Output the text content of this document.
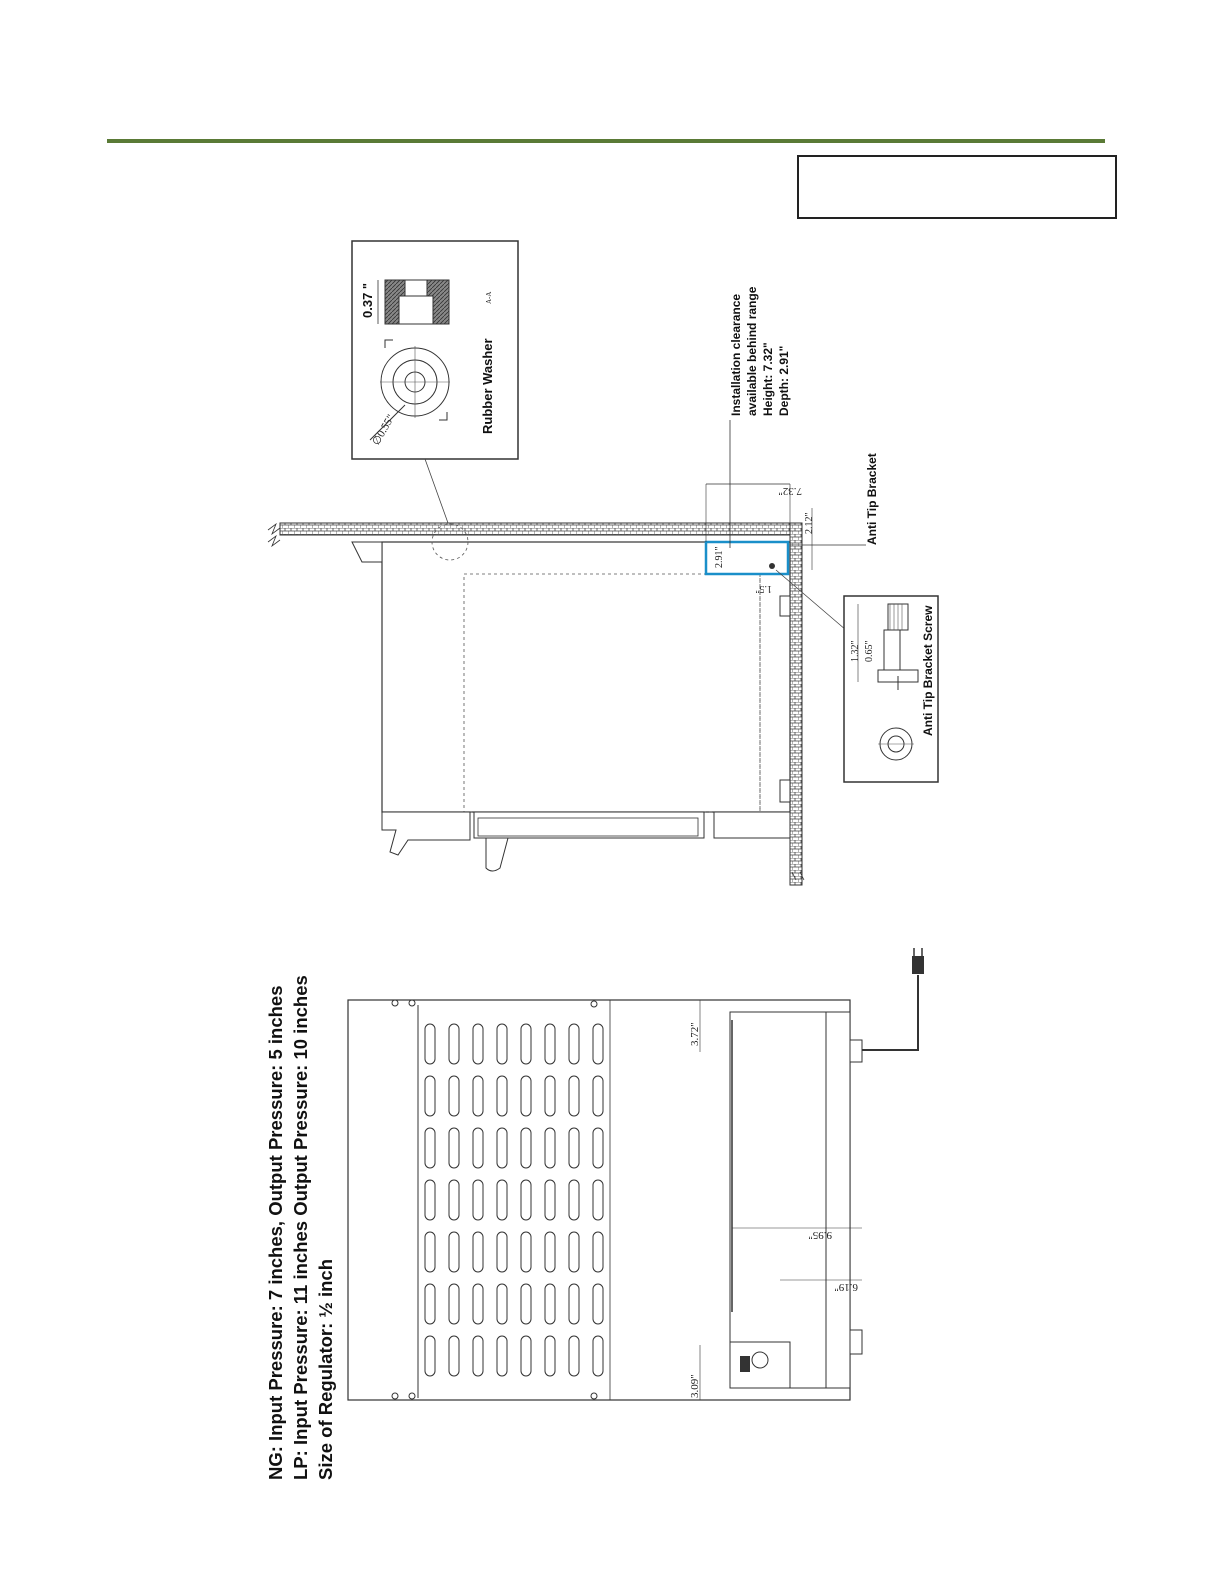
Rubber Washer
0.37 "
∅0.55"
A-A
7.32"
2.91"
2.12"
1.5"
Installation clearance available behind range Height: 7.32" Depth: 2.91"
Anti Tip Bracket
1.32" 0.65"	Anti Tip Bracket Screw
NG: Input Pressure: 7 inches, Output Pressure: 5 inches LP: Input Pressure: 11 inches Output Pressure: 10 inches Size of Regulator: ½ inch
3.72"
3.09"
9.95"
6.19"
